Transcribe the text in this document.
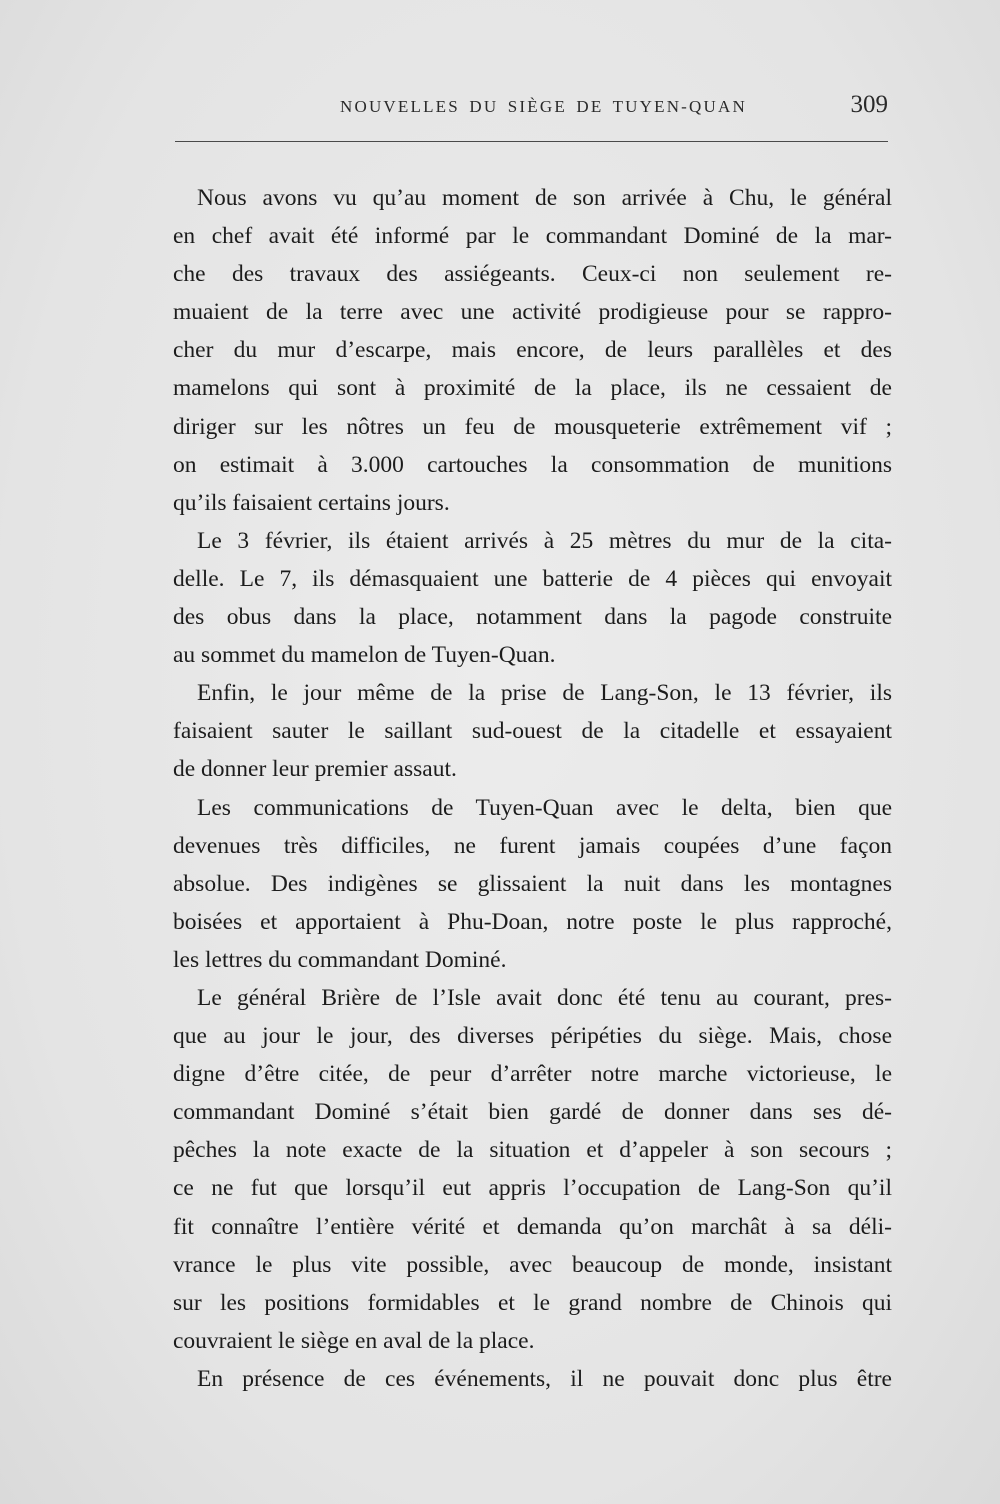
NOUVELLES DU SIÈGE DE TUYEN-QUAN	309
Nous avons vu qu’au moment de son arrivée à Chu, le général
en chef avait été informé par le commandant Dominé de la mar-
che des travaux des assiégeants. Ceux-ci non seulement re-
muaient de la terre avec une activité prodigieuse pour se rappro-
cher du mur d’escarpe, mais encore, de leurs parallèles et des
mamelons qui sont à proximité de la place, ils ne cessaient de
diriger sur les nôtres un feu de mousqueterie extrêmement vif ;
on estimait à 3.000 cartouches la consommation de munitions
qu’ils faisaient certains jours.
Le 3 février, ils étaient arrivés à 25 mètres du mur de la cita-
delle. Le 7, ils démasquaient une batterie de 4 pièces qui envoyait
des obus dans la place, notamment dans la pagode construite
au sommet du mamelon de Tuyen-Quan.
Enfin, le jour même de la prise de Lang-Son, le 13 février, ils
faisaient sauter le saillant sud-ouest de la citadelle et essayaient
de donner leur premier assaut.
Les communications de Tuyen-Quan avec le delta, bien que
devenues très difficiles, ne furent jamais coupées d’une façon
absolue. Des indigènes se glissaient la nuit dans les montagnes
boisées et apportaient à Phu-Doan, notre poste le plus rapproché,
les lettres du commandant Dominé.
Le général Brière de l’Isle avait donc été tenu au courant, pres-
que au jour le jour, des diverses péripéties du siège. Mais, chose
digne d’être citée, de peur d’arrêter notre marche victorieuse, le
commandant Dominé s’était bien gardé de donner dans ses dé-
pêches la note exacte de la situation et d’appeler à son secours ;
ce ne fut que lorsqu’il eut appris l’occupation de Lang-Son qu’il
fit connaître l’entière vérité et demanda qu’on marchât à sa déli-
vrance le plus vite possible, avec beaucoup de monde, insistant
sur les positions formidables et le grand nombre de Chinois qui
couvraient le siège en aval de la place.
En présence de ces événements, il ne pouvait donc plus être
